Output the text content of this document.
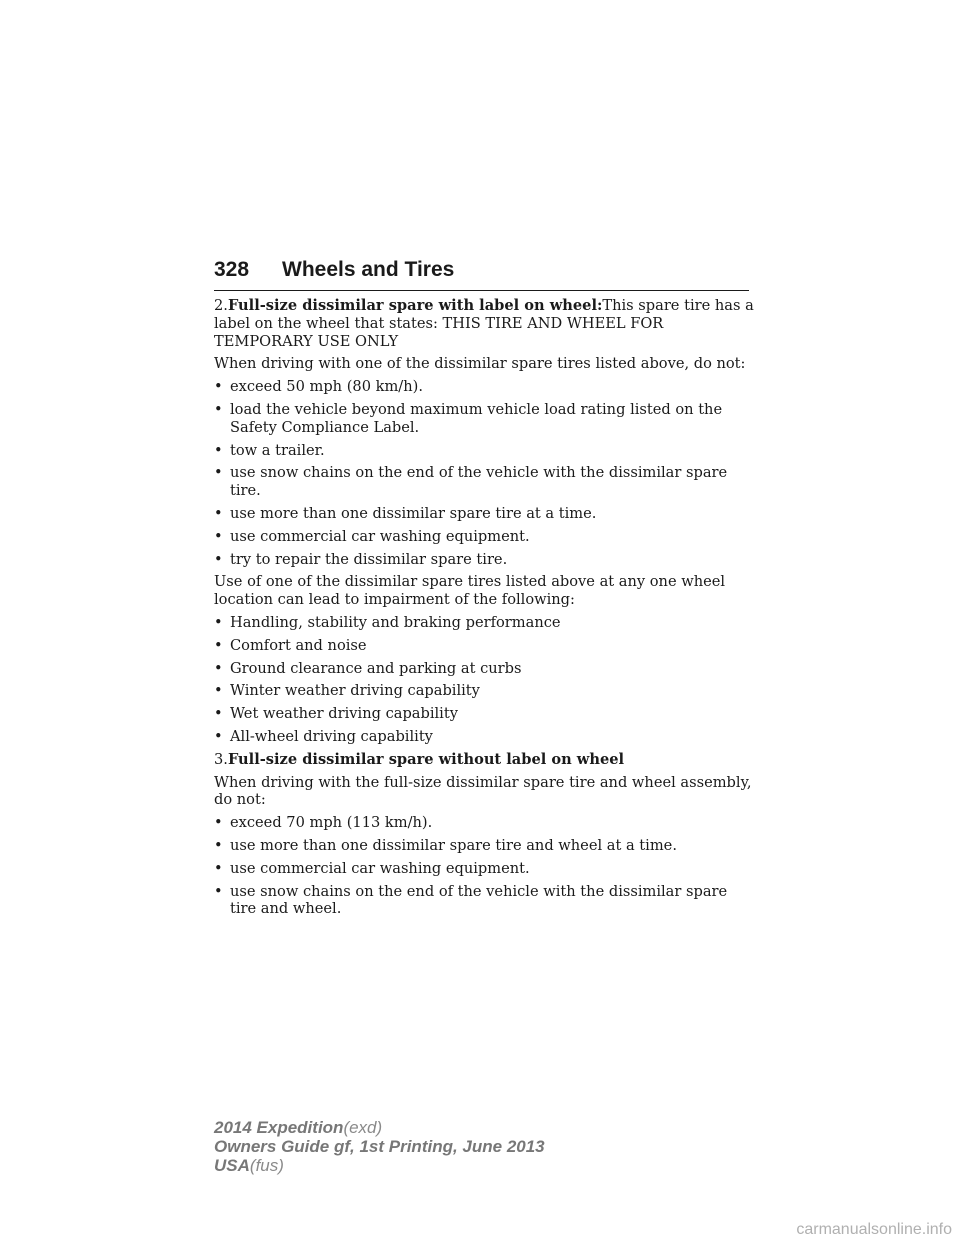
328 Wheels and Tires

2.Full-size dissimilar spare with label on wheel:This spare tire has a label on the wheel that states: THIS TIRE AND WHEEL FOR TEMPORARY USE ONLY

When driving with one of the dissimilar spare tires listed above, do not:

• exceed 50 mph (80 km/h).
• load the vehicle beyond maximum vehicle load rating listed on the Safety Compliance Label.
• tow a trailer.
• use snow chains on the end of the vehicle with the dissimilar spare tire.
• use more than one dissimilar spare tire at a time.
• use commercial car washing equipment.
• try to repair the dissimilar spare tire.

Use of one of the dissimilar spare tires listed above at any one wheel location can lead to impairment of the following:

• Handling, stability and braking performance
• Comfort and noise
• Ground clearance and parking at curbs
• Winter weather driving capability
• Wet weather driving capability
• All-wheel driving capability

3.Full-size dissimilar spare without label on wheel

When driving with the full-size dissimilar spare tire and wheel assembly, do not:

• exceed 70 mph (113 km/h).
• use more than one dissimilar spare tire and wheel at a time.
• use commercial car washing equipment.
• use snow chains on the end of the vehicle with the dissimilar spare tire and wheel.
2014 Expedition(exd)
Owners Guide gf, 1st Printing, June 2013
USA(fus)
carmanualsonline.info
